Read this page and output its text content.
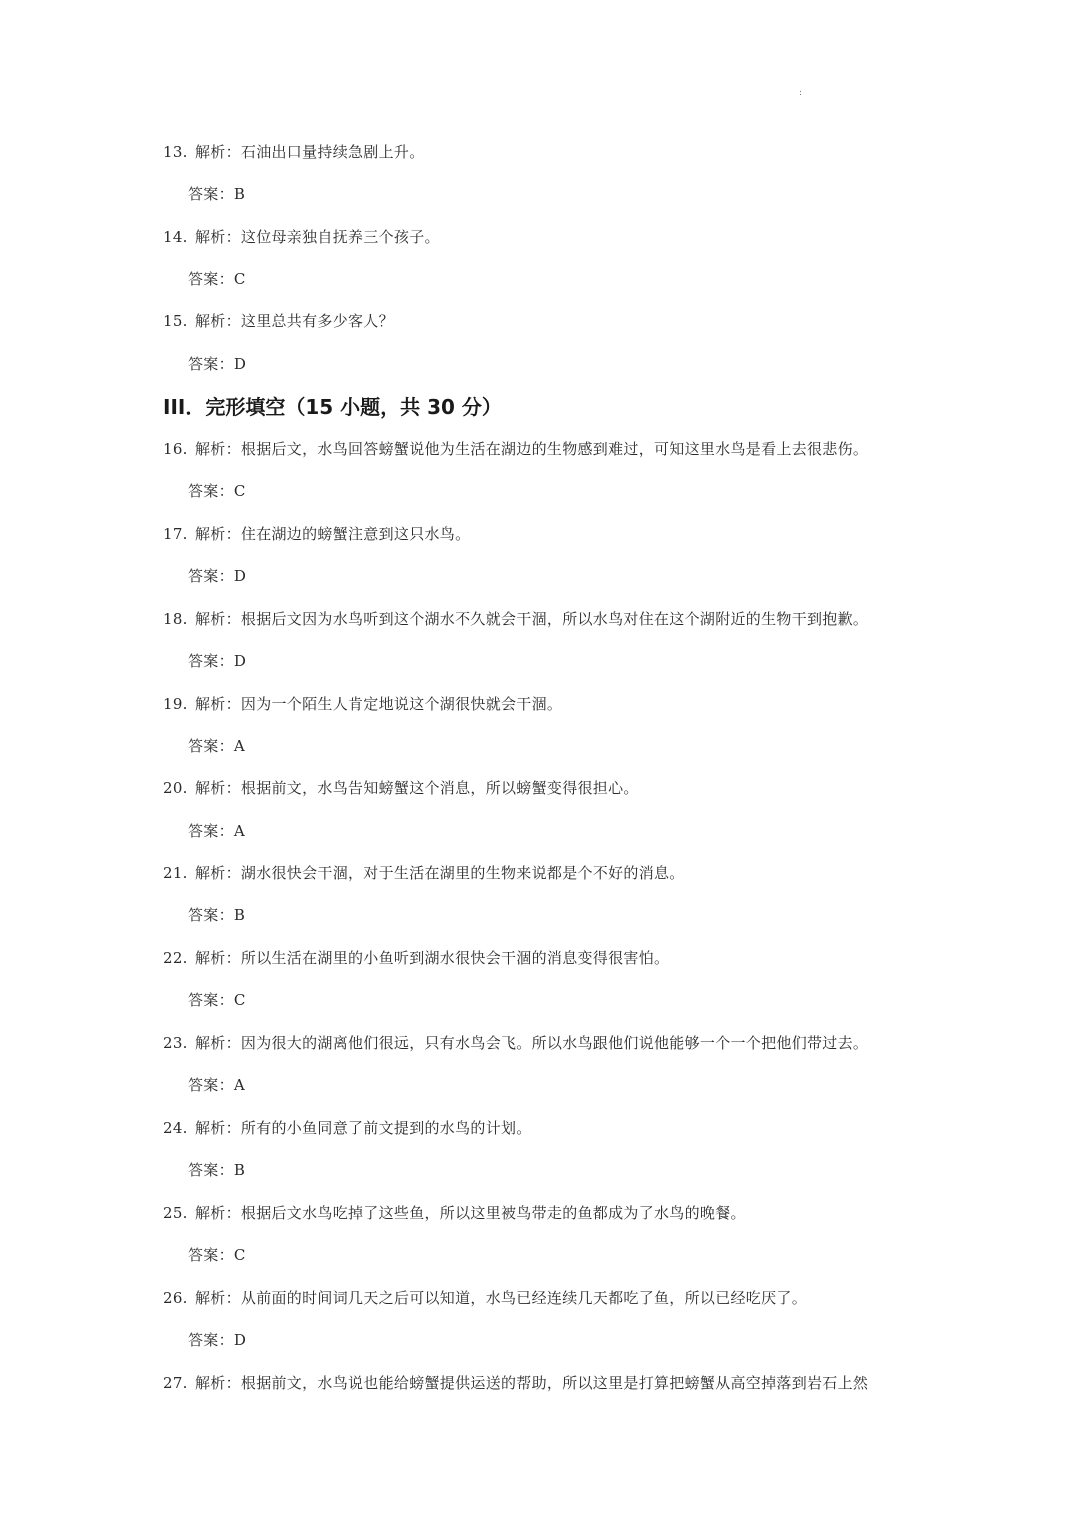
:
13. 解析：石油出口量持续急剧上升。
答案：B
14. 解析：这位母亲独自抚养三个孩子。
答案：C
15. 解析：这里总共有多少客人？
答案：D
III．完形填空（15 小题，共 30 分）
16. 解析：根据后文，水鸟回答螃蟹说他为生活在湖边的生物感到难过，可知这里水鸟是看上去很悲伤。
答案：C
17. 解析：住在湖边的螃蟹注意到这只水鸟。
答案：D
18. 解析：根据后文因为水鸟听到这个湖水不久就会干涸，所以水鸟对住在这个湖附近的生物干到抱歉。
答案：D
19. 解析：因为一个陌生人肯定地说这个湖很快就会干涸。
答案：A
20. 解析：根据前文，水鸟告知螃蟹这个消息，所以螃蟹变得很担心。
答案：A
21. 解析：湖水很快会干涸，对于生活在湖里的生物来说都是个不好的消息。
答案：B
22. 解析：所以生活在湖里的小鱼听到湖水很快会干涸的消息变得很害怕。
答案：C
23. 解析：因为很大的湖离他们很远，只有水鸟会飞。所以水鸟跟他们说他能够一个一个把他们带过去。
答案：A
24. 解析：所有的小鱼同意了前文提到的水鸟的计划。
答案：B
25. 解析：根据后文水鸟吃掉了这些鱼，所以这里被鸟带走的鱼都成为了水鸟的晚餐。
答案：C
26. 解析：从前面的时间词几天之后可以知道，水鸟已经连续几天都吃了鱼，所以已经吃厌了。
答案：D
27. 解析：根据前文，水鸟说也能给螃蟹提供运送的帮助，所以这里是打算把螃蟹从高空掉落到岩石上然
